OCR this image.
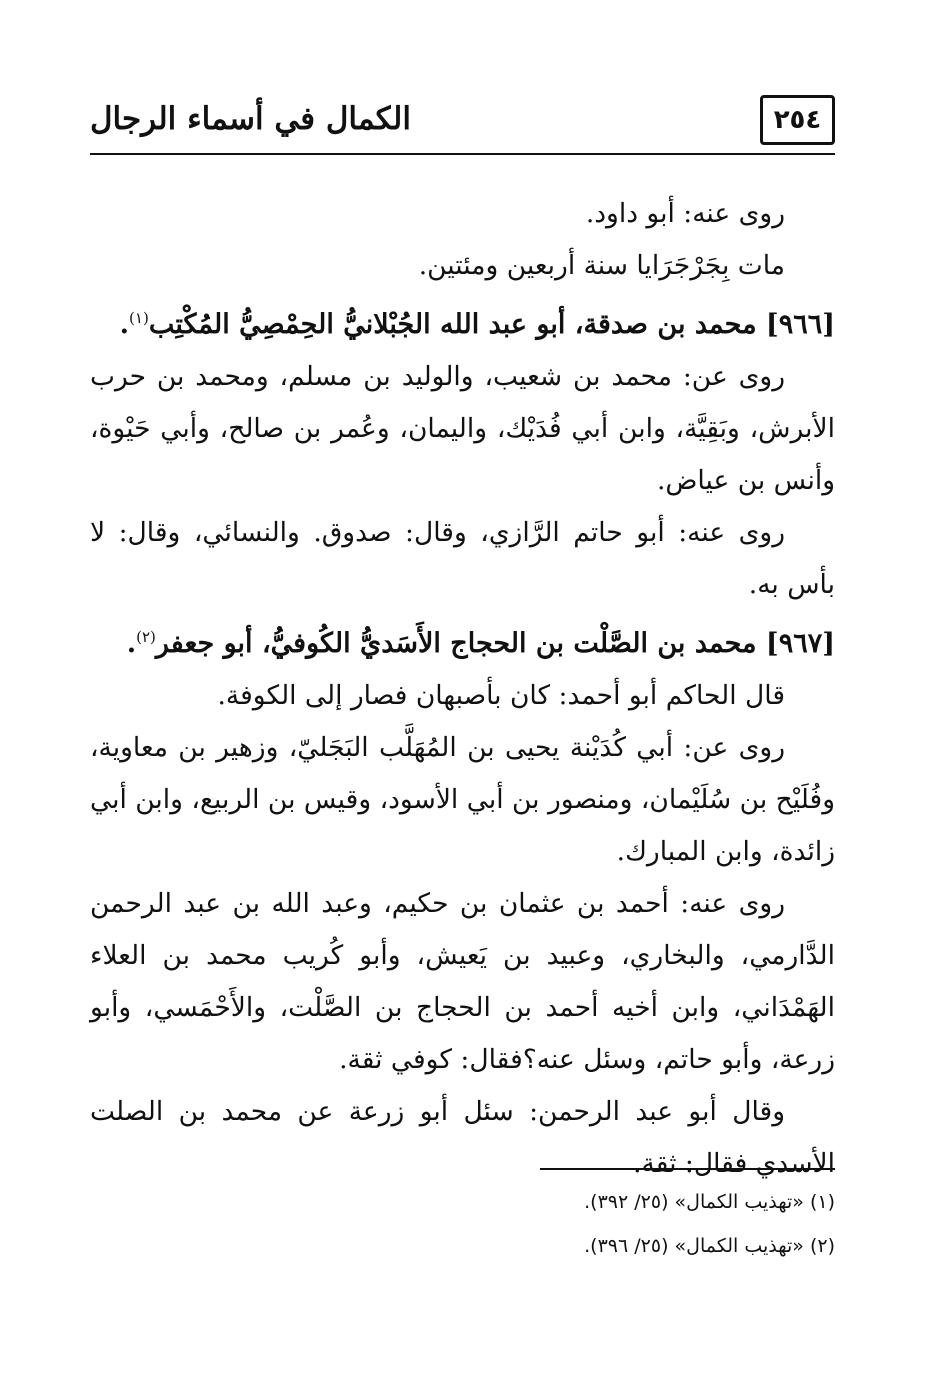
الكمال في أسماء الرجال	٢٥٤

روى عنه: أبو داود.

مات بِجَرْجَرَايا سنة أربعين ومئتين.

[٩٦٦] محمد بن صدقة، أبو عبد الله الجُبْلانيُّ الحِمْصِيُّ المُكْتِب$^{(١)}$.

روى عن: محمد بن شعيب، والوليد بن مسلم، ومحمد بن حرب الأبرش، وبَقِيَّة، وابن أبي فُدَيْك، واليمان، وعُمر بن صالح، وأبي حَيْوة، وأنس بن عياض.

روى عنه: أبو حاتم الرَّازي، وقال: صدوق. والنسائي، وقال: لا بأس به.

[٩٦٧] محمد بن الصَّلْت بن الحجاج الأَسَديُّ الكُوفيُّ، أبو جعفر$^{(٢)}$.

قال الحاكم أبو أحمد: كان بأصبهان فصار إلى الكوفة.

روى عن: أبي كُدَيْنة يحيى بن المُهَلَّب البَجَليّ، وزهير بن معاوية، وفُلَيْح بن سُلَيْمان، ومنصور بن أبي الأسود، وقيس بن الربيع، وابن أبي زائدة، وابن المبارك.

روى عنه: أحمد بن عثمان بن حكيم، وعبد الله بن عبد الرحمن الدَّارمي، والبخاري، وعبيد بن يَعيش، وأبو كُريب محمد بن العلاء الهَمْدَاني، وابن أخيه أحمد بن الحجاج بن الصَّلْت، والأَحْمَسي، وأبو زرعة، وأبو حاتم، وسئل عنه؟فقال: كوفي ثقة.

وقال أبو عبد الرحمن: سئل أبو زرعة عن محمد بن الصلت الأسدي فقال: ثقة.

(١) «تهذيب الكمال» (٢٥/ ٣٩٢).

(٢) «تهذيب الكمال» (٢٥/ ٣٩٦).
